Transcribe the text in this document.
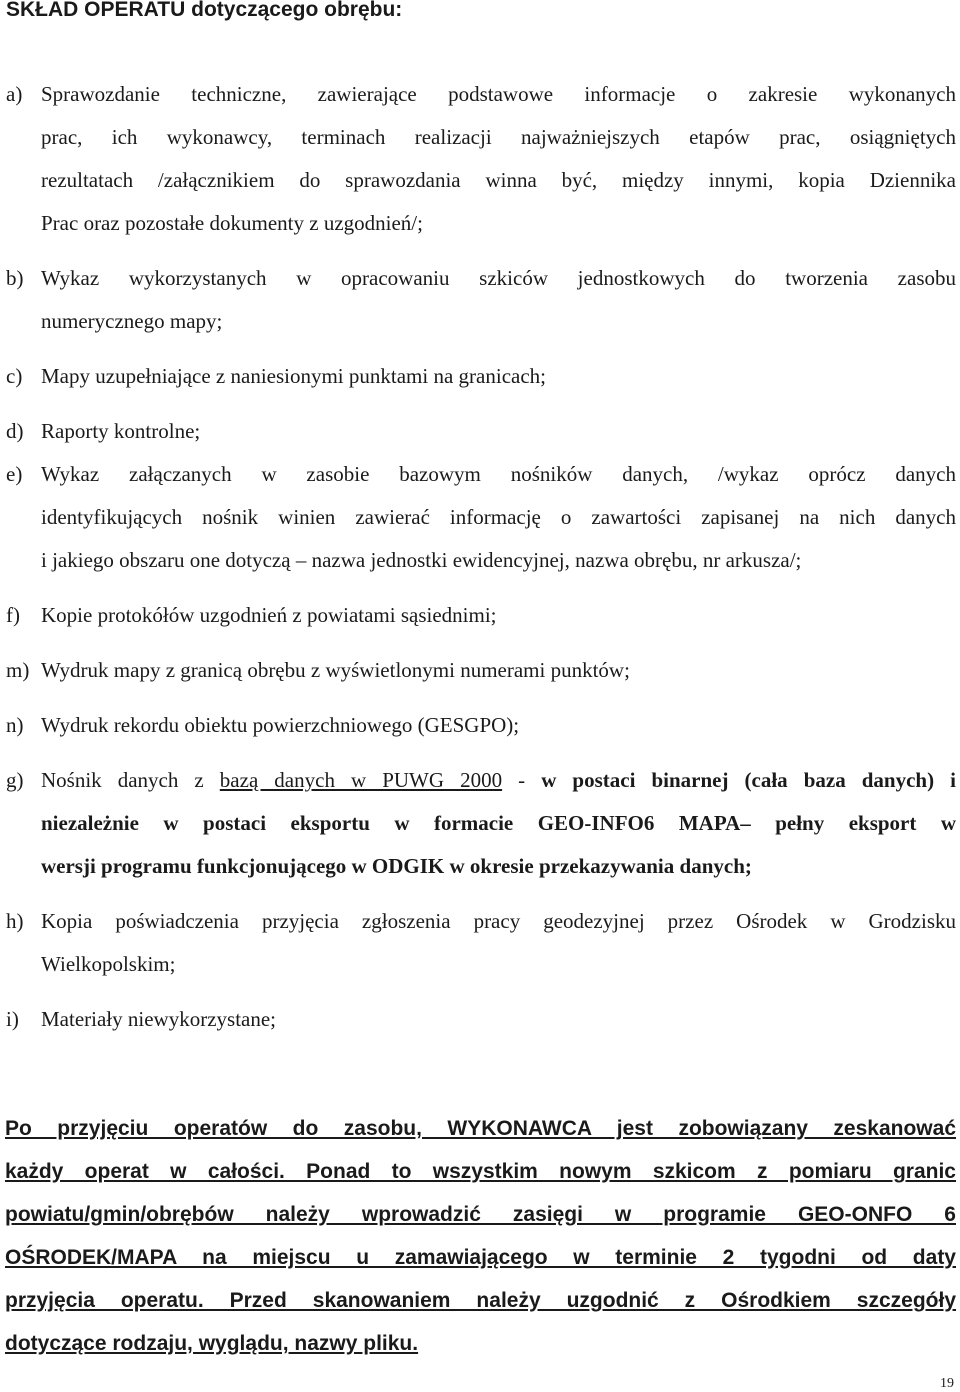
SKŁAD OPERATU dotyczącego obrębu:
a) Sprawozdanie techniczne, zawierające podstawowe informacje o zakresie wykonanych
prac, ich wykonawcy, terminach realizacji najważniejszych etapów prac, osiągniętych
rezultatach /załącznikiem do sprawozdania winna być, między innymi, kopia Dziennika
Prac oraz pozostałe dokumenty z uzgodnień/;
b) Wykaz wykorzystanych w opracowaniu szkiców jednostkowych do tworzenia zasobu
numerycznego mapy;
c) Mapy uzupełniające z naniesionymi punktami na granicach;
d) Raporty kontrolne;
e) Wykaz załączanych w zasobie bazowym nośników danych, /wykaz oprócz danych
identyfikujących nośnik winien zawierać informację o zawartości zapisanej na nich danych
i jakiego obszaru one dotyczą – nazwa jednostki ewidencyjnej, nazwa obrębu, nr arkusza/;
f) Kopie protokółów uzgodnień z powiatami sąsiednimi;
m) Wydruk mapy z granicą obrębu z wyświetlonymi numerami punktów;
n) Wydruk rekordu obiektu powierzchniowego (GESGPO);
g) Nośnik danych z bazą danych w PUWG 2000 - w postaci binarnej (cała baza danych) i
niezależnie w postaci eksportu w formacie GEO-INFO6 MAPA– pełny eksport w
wersji programu funkcjonującego w ODGIK w okresie przekazywania danych;
h) Kopia poświadczenia przyjęcia zgłoszenia pracy geodezyjnej przez Ośrodek w Grodzisku
Wielkopolskim;
i) Materiały niewykorzystane;
Po przyjęciu operatów do zasobu, WYKONAWCA jest zobowiązany zeskanować
każdy operat w całości. Ponad to wszystkim nowym szkicom z pomiaru granic
powiatu/gmin/obrębów należy wprowadzić zasięgi w programie GEO-ONFO 6
OŚRODEK/MAPA na miejscu u zamawiającego w terminie 2 tygodni od daty
przyjęcia operatu. Przed skanowaniem należy uzgodnić z Ośrodkiem szczegóły
dotyczące rodzaju, wyglądu, nazwy pliku.
19
